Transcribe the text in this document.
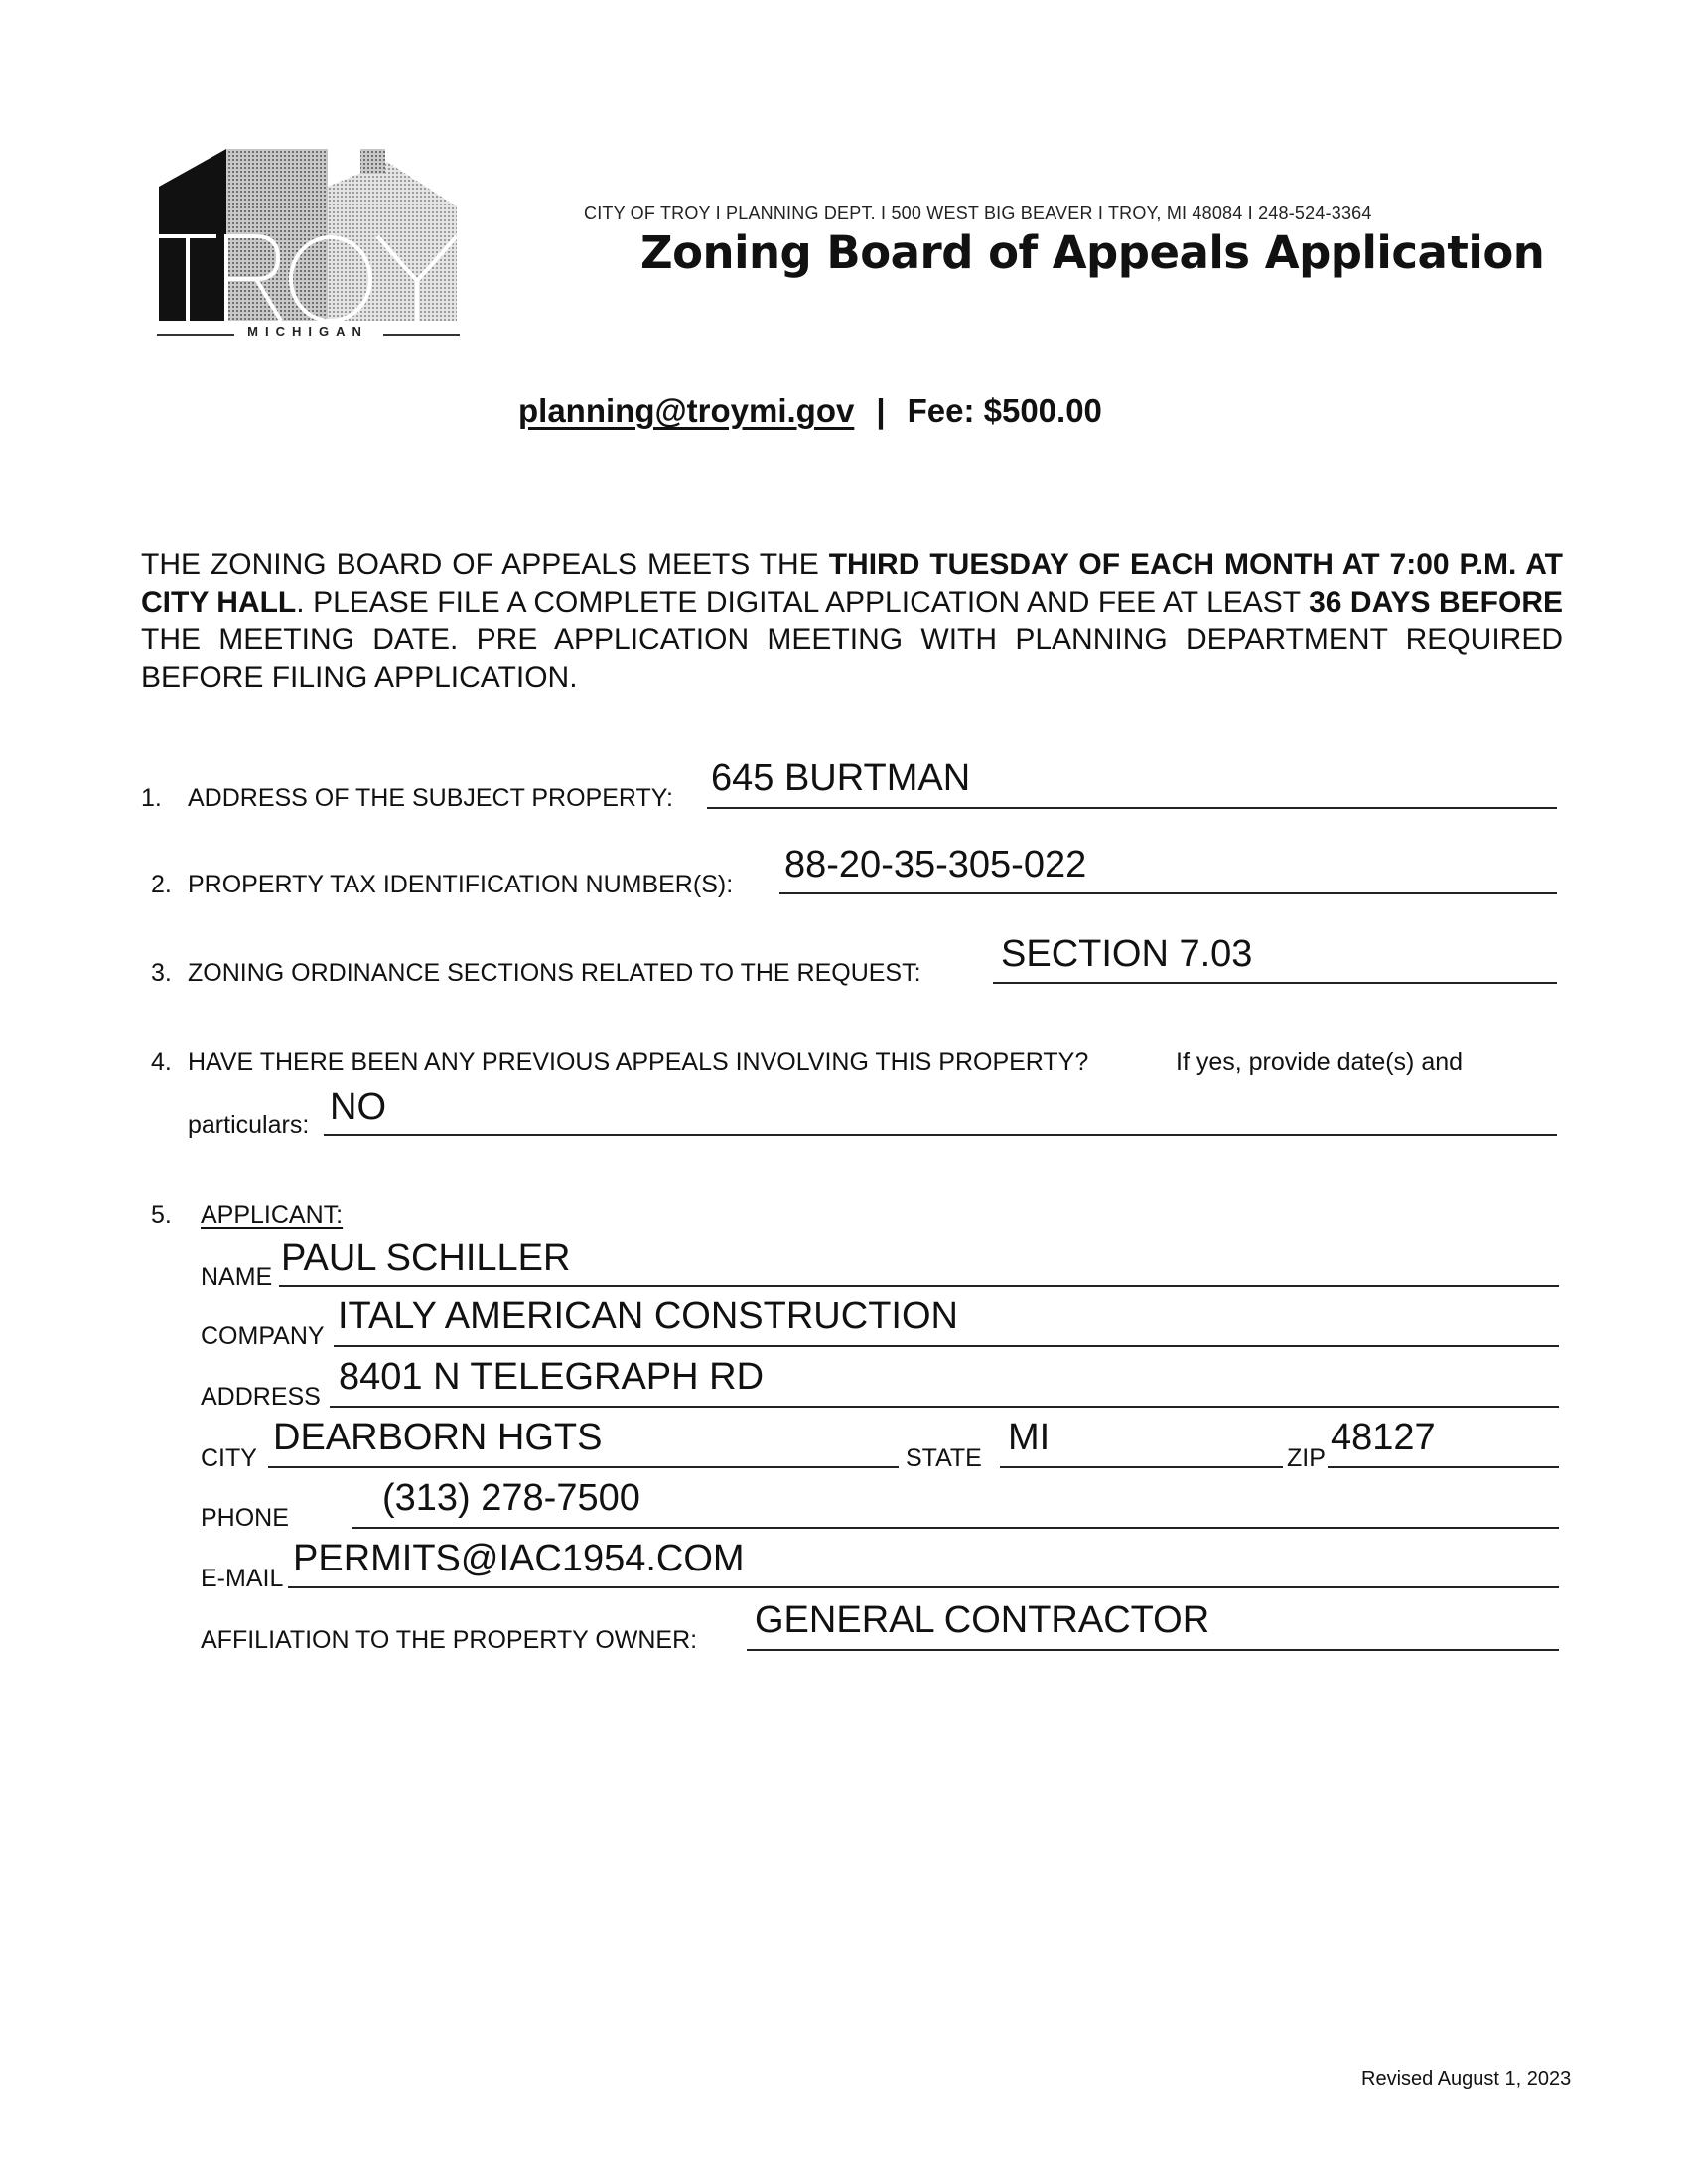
MICHIGAN
CITY OF TROY I PLANNING DEPT. I 500 WEST BIG BEAVER I TROY, MI 48084 I 248-524-3364
Zoning Board of Appeals Application
planning@troymi.gov | Fee: $500.00
THE ZONING BOARD OF APPEALS MEETS THE THIRD TUESDAY OF EACH MONTH AT 7:00 P.M. AT CITY HALL. PLEASE FILE A COMPLETE DIGITAL APPLICATION AND FEE AT LEAST 36 DAYS BEFORE THE MEETING DATE. PRE APPLICATION MEETING WITH PLANNING DEPARTMENT REQUIRED BEFORE FILING APPLICATION.
1. ADDRESS OF THE SUBJECT PROPERTY: 645 BURTMAN
2. PROPERTY TAX IDENTIFICATION NUMBER(S): 88-20-35-305-022
3. ZONING ORDINANCE SECTIONS RELATED TO THE REQUEST: SECTION 7.03
4. HAVE THERE BEEN ANY PREVIOUS APPEALS INVOLVING THIS PROPERTY?	If yes, provide date(s) and
particulars: NO
5. APPLICANT:
NAME PAUL SCHILLER
COMPANY ITALY AMERICAN CONSTRUCTION
ADDRESS 8401 N TELEGRAPH RD
CITY DEARBORN HGTS	STATE MI	ZIP 48127
PHONE (313) 278-7500
E-MAIL PERMITS@IAC1954.COM
AFFILIATION TO THE PROPERTY OWNER: GENERAL CONTRACTOR
Revised August 1, 2023
